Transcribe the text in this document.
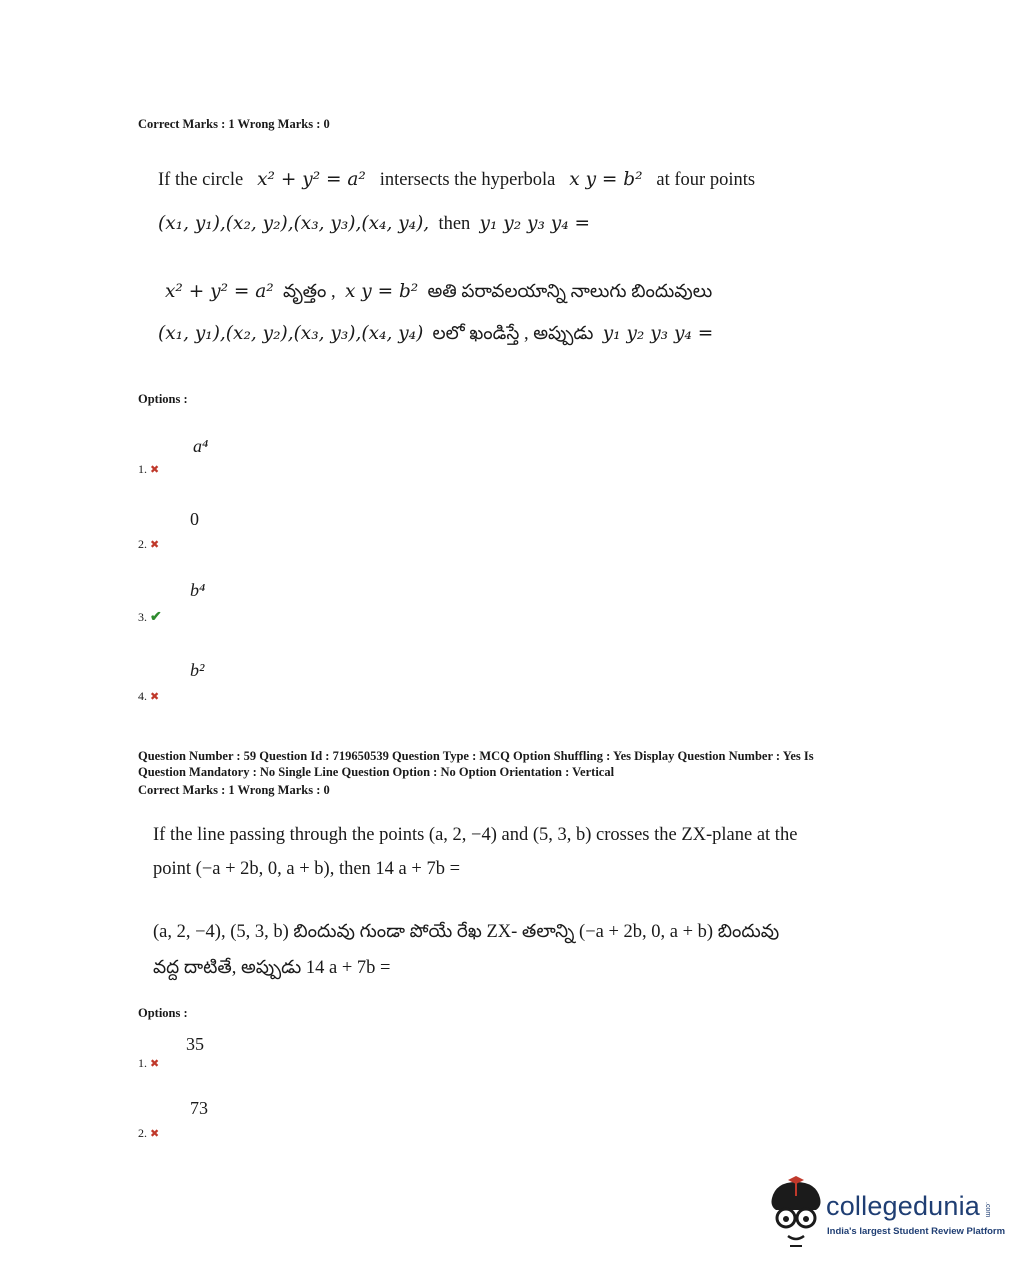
Correct Marks : 1 Wrong Marks : 0
If the circle x² + y² = a² intersects the hyperbola x y = b² at four points
(x₁, y₁),(x₂, y₂),(x₃, y₃),(x₄, y₄), then y₁ y₂ y₃ y₄ =
x² + y² = a² వృత్తం , x y = b² అతి పరావలయాన్ని నాలుగు బిందువులు
(x₁, y₁),(x₂, y₂),(x₃, y₃),(x₄, y₄) లలో ఖండిస్తే , అప్పుడు y₁ y₂ y₃ y₄ =
Options :
a⁴
1. ✖
0
2. ✖
b⁴
3. ✔
b²
4. ✖
Question Number : 59 Question Id : 719650539 Question Type : MCQ Option Shuffling : Yes Display Question Number : Yes Is
Question Mandatory : No Single Line Question Option : No Option Orientation : Vertical
Correct Marks : 1 Wrong Marks : 0
If the line passing through the points (a, 2, −4) and (5, 3, b) crosses the ZX-plane at the
point (−a + 2b, 0, a + b), then 14 a + 7b =
(a, 2, −4), (5, 3, b) బిందువు గుండా పోయే రేఖ ZX- తలాన్ని (−a + 2b, 0, a + b) బిందువు
వద్ద దాటితే, అప్పుడు 14 a + 7b =
Options :
35
1. ✖
73
2. ✖
collegedunia .com
India's largest Student Review Platform
